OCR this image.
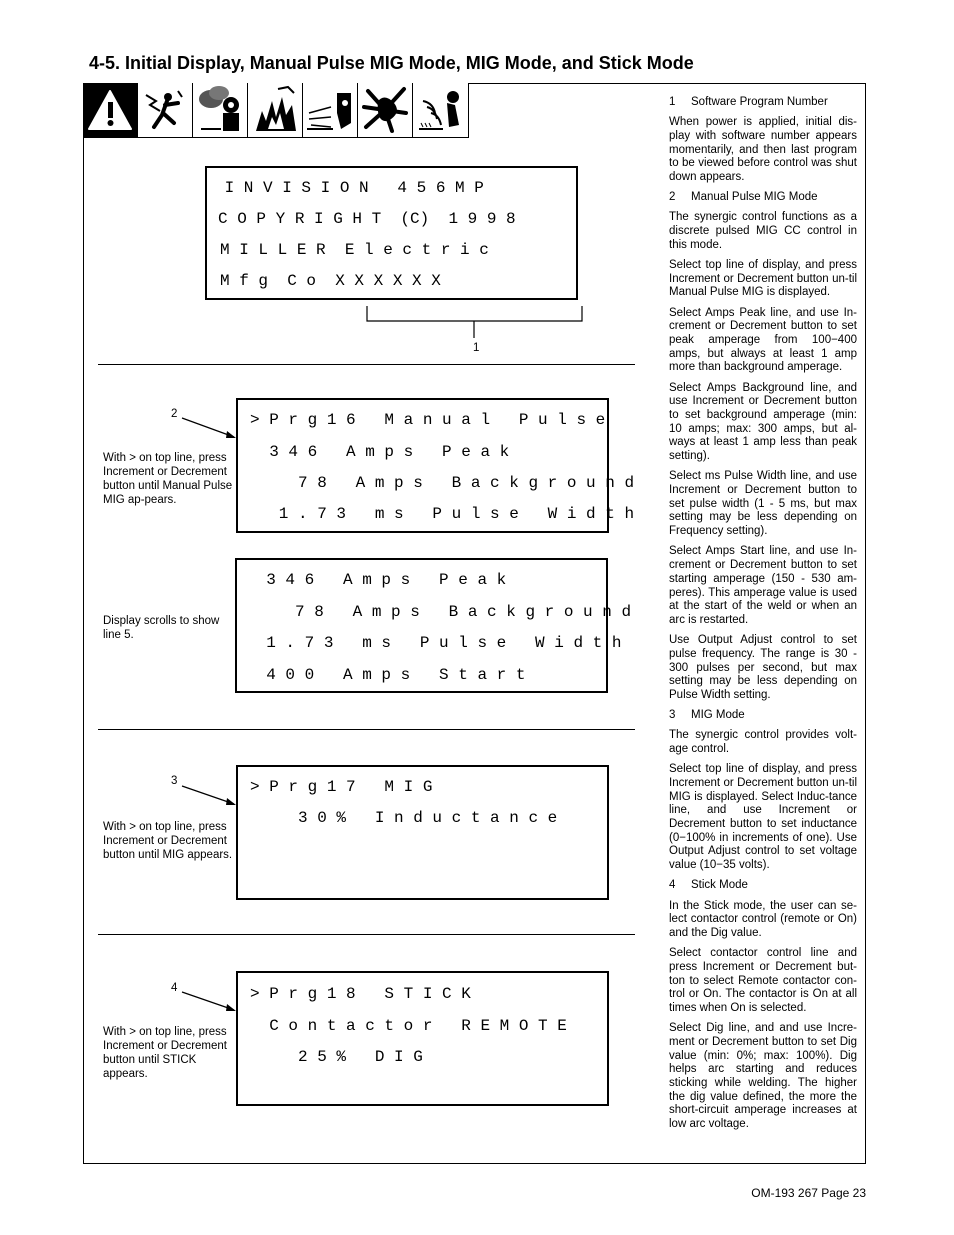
4-5. Initial Display, Manual Pulse MIG Mode, MIG Mode, and Stick Mode
I N V I S I O N   4 5 6 M P
C O P Y R I G H T  (C)  1 9 9 8
M I L L E R  E l e c t r i c
M f g  C o  X X X X X X
1
2
With > on top line, press Increment or Decrement button until Manual Pulse MIG ap-pears.
> P r g 1 6   M a n u a l   P u l s e
3 4 6   A m p s   P e a k
7 8   A m p s   B a c k g r o u n d
1 . 7 3   m s   P u l s e   W i d t h
Display scrolls to show line 5.
3 4 6   A m p s   P e a k
7 8   A m p s   B a c k g r o u n d
1 . 7 3   m s   P u l s e   W i d t h
4 0 0   A m p s   S t a r t
3
With > on top line, press Increment or Decrement button until MIG appears.
> P r g 1 7   M I G
3 0 %   I n d u c t a n c e
4
With > on top line, press Increment or Decrement button until STICK appears.
> P r g 1 8   S T I C K
C o n t a c t o r   R E M O T E
2 5 %   D I G

1 Software Program Number

When power is applied, initial dis-play with software number appears momentarily, and then last program to be viewed before control was shut down appears.

2 Manual Pulse MIG Mode

The synergic control functions as a discrete pulsed MIG CC control in this mode.

Select top line of display, and press Increment or Decrement button un-til Manual Pulse MIG is displayed.

Select Amps Peak line, and use In-crement or Decrement button to set peak amperage from 100−400 amps, but always at least 1 amp more than background amperage.

Select Amps Background line, and use Increment or Decrement button to set background amperage (min: 10 amps; max: 300 amps, but al-ways at least 1 amp less than peak setting).

Select ms Pulse Width line, and use Increment or Decrement button to set pulse width (1 - 5 ms, but max setting may be less depending on Frequency setting).

Select Amps Start line, and use In-crement or Decrement button to set starting amperage (150 - 530 am-peres). This amperage value is used at the start of the weld or when an arc is restarted.

Use Output Adjust control to set pulse frequency. The range is 30 - 300 pulses per second, but max setting may be less depending on Pulse Width setting.

3 MIG Mode

The synergic control provides volt-age control.

Select top line of display, and press Increment or Decrement button un-til MIG is displayed. Select Induc-tance line, and use Increment or Decrement button to set inductance (0−100% in increments of one). Use Output Adjust control to set voltage value (10−35 volts).

4 Stick Mode

In the Stick mode, the user can se-lect contactor control (remote or On) and the Dig value.

Select contactor control line and press Increment or Decrement but-ton to select Remote contactor con-trol or On. The contactor is On at all times when On is selected.

Select Dig line, and and use Incre-ment or Decrement button to set Dig value (min: 0%; max: 100%). Dig helps arc starting and reduces sticking while welding. The higher the dig value defined, the more the short-circuit amperage increases at low arc voltage.

OM-193 267 Page 23
